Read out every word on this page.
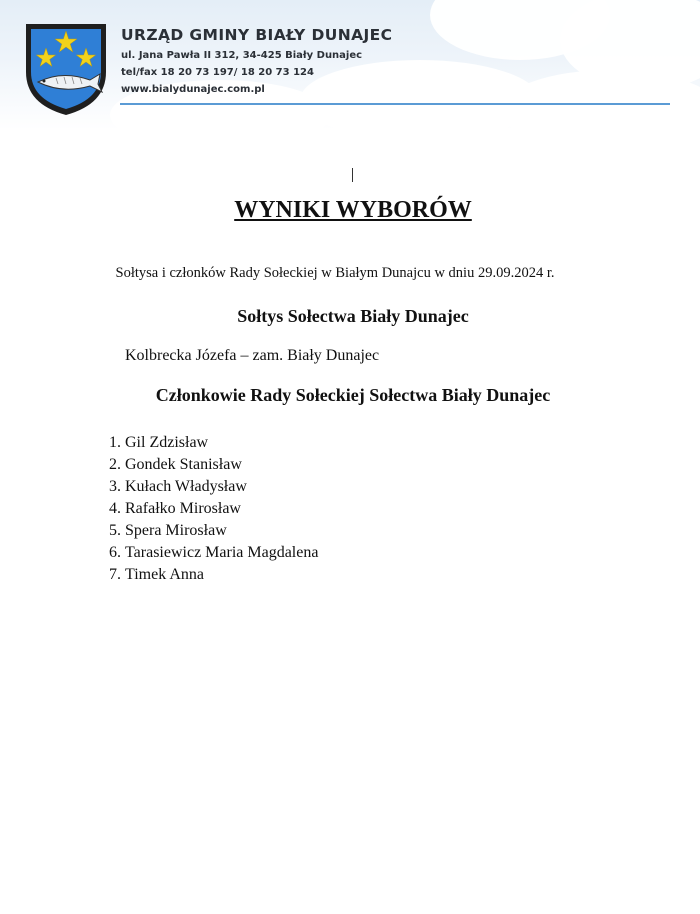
URZĄD GMINY BIAŁY DUNAJEC

ul. Jana Pawła II 312, 34-425 Biały Dunajec

tel/fax 18 20 73 197/ 18 20 73 124

www.bialydunajec.com.pl

WYNIKI WYBORÓW

Sołtysa i członków Rady Sołeckiej w Białym Dunajcu w dniu 29.09.2024 r.

Sołtys Sołectwa Biały Dunajec

Kolbrecka Józefa – zam. Biały Dunajec

Członkowie Rady Sołeckiej Sołectwa Biały Dunajec
1. Gil Zdzisław
2. Gondek Stanisław
3. Kułach Władysław
4. Rafałko Mirosław
5. Spera Mirosław
6. Tarasiewicz Maria Magdalena
7. Timek Anna
